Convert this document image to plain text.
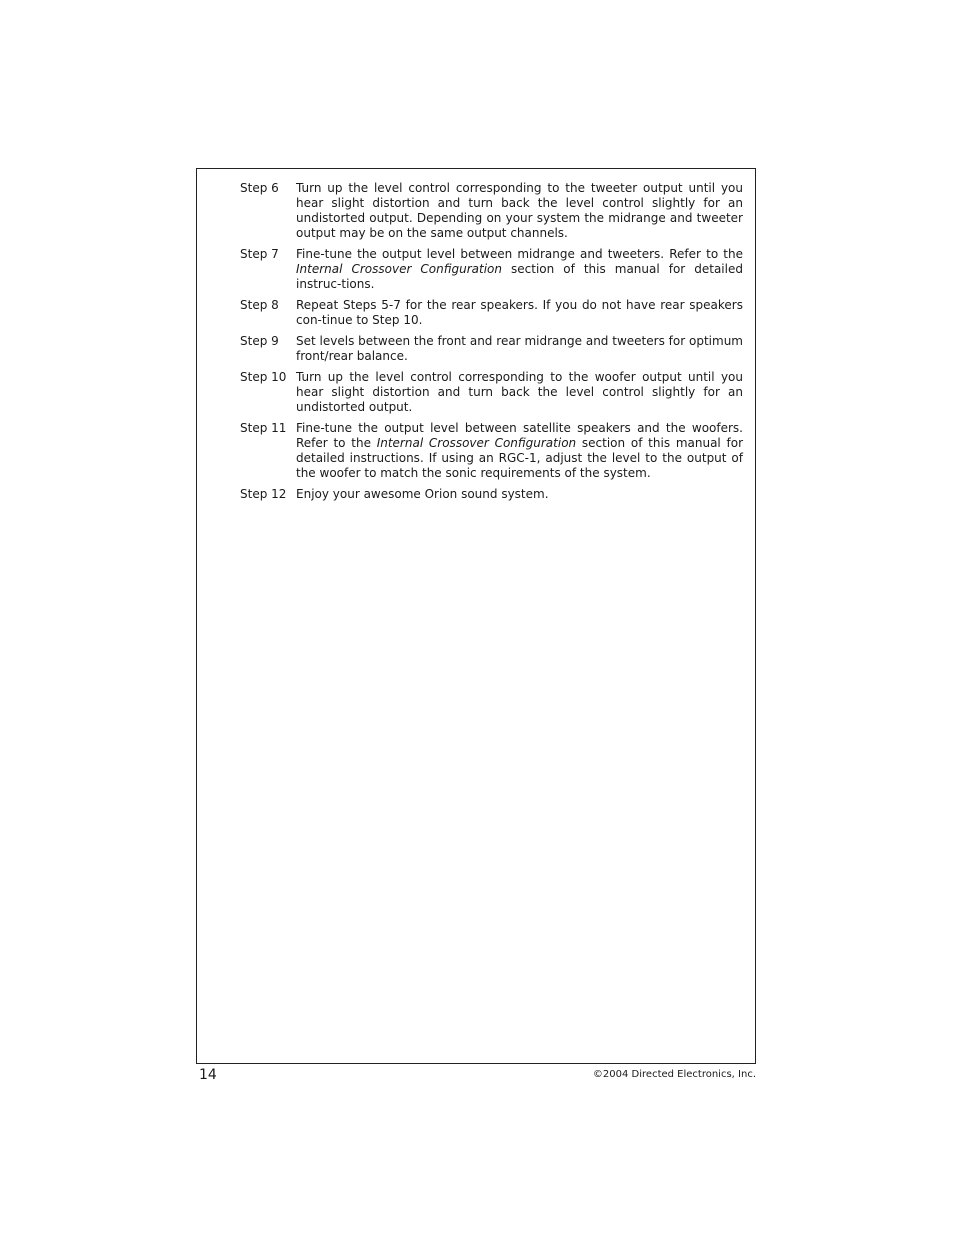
Step 6	Turn up the level control corresponding to the tweeter output until you hear slight distortion and turn back the level control slightly for an undistorted output. Depending on your system the midrange and tweeter output may be on the same output channels.
Step 7	Fine-tune the output level between midrange and tweeters. Refer to the Internal Crossover Configuration section of this manual for detailed instruc-tions.
Step 8	Repeat Steps 5-7 for the rear speakers. If you do not have rear speakers con-tinue to Step 10.
Step 9	Set levels between the front and rear midrange and tweeters for optimum front/rear balance.
Step 10 Turn up the level control corresponding to the woofer output until you hear slight distortion and turn back the level control slightly for an undistorted output.
Step 11 Fine-tune the output level between satellite speakers and the woofers. Refer to the Internal Crossover Configuration section of this manual for detailed instructions. If using an RGC-1, adjust the level to the output of the woofer to match the sonic requirements of the system.
Step 12 Enjoy your awesome Orion sound system.
14	©2004 Directed Electronics, Inc.
